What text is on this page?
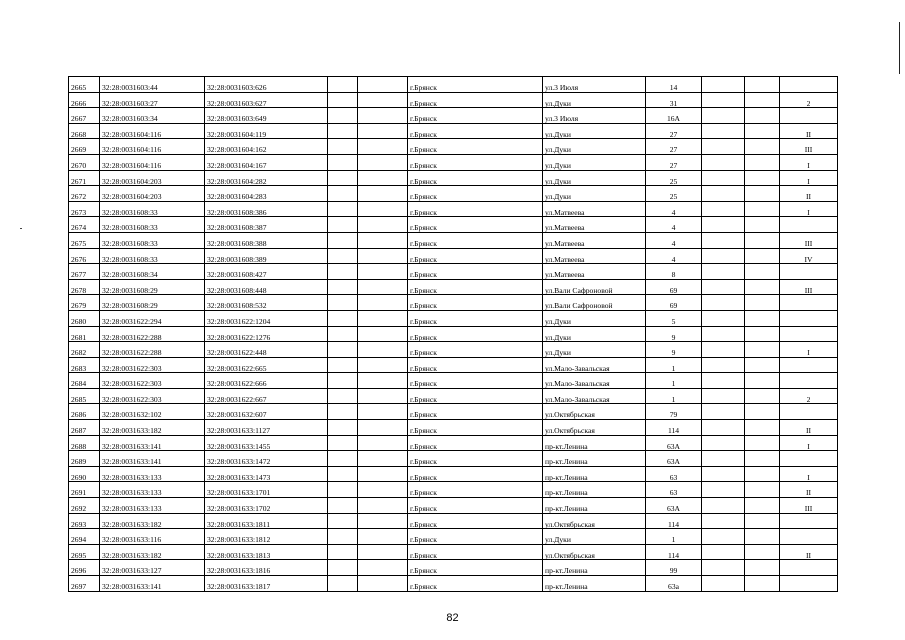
2665	32:28:0031603:44	32:28:0031603:626			г.Брянск	ул.3 Июля	14			
2666	32:28:0031603:27	32:28:0031603:627			г.Брянск	ул.Дуки	31			2
2667	32:28:0031603:34	32:28:0031603:649			г.Брянск	ул.3 Июля	16А			
2668	32:28:0031604:116	32:28:0031604:119			г.Брянск	ул.Дуки	27			II
2669	32:28:0031604:116	32:28:0031604:162			г.Брянск	ул.Дуки	27			III
2670	32:28:0031604:116	32:28:0031604:167			г.Брянск	ул.Дуки	27			I
2671	32:28:0031604:203	32:28:0031604:282			г.Брянск	ул.Дуки	25			I
2672	32:28:0031604:203	32:28:0031604:283			г.Брянск	ул.Дуки	25			II
2673	32:28:0031608:33	32:28:0031608:386			г.Брянск	ул.Матвеева	4			I
2674	32:28:0031608:33	32:28:0031608:387			г.Брянск	ул.Матвеева	4			
2675	32:28:0031608:33	32:28:0031608:388			г.Брянск	ул.Матвеева	4			III
2676	32:28:0031608:33	32:28:0031608:389			г.Брянск	ул.Матвеева	4			IV
2677	32:28:0031608:34	32:28:0031608:427			г.Брянск	ул.Матвеева	8			
2678	32:28:0031608:29	32:28:0031608:448			г.Брянск	ул.Вали Сафроновой	69			III
2679	32:28:0031608:29	32:28:0031608:532			г.Брянск	ул.Вали Сафроновой	69			
2680	32:28:0031622:294	32:28:0031622:1204			г.Брянск	ул.Дуки	5			
2681	32:28:0031622:288	32:28:0031622:1276			г.Брянск	ул.Дуки	9			
2682	32:28:0031622:288	32:28:0031622:448			г.Брянск	ул.Дуки	9			I
2683	32:28:0031622:303	32:28:0031622:665			г.Брянск	ул.Мало-Завальская	1			
2684	32:28:0031622:303	32:28:0031622:666			г.Брянск	ул.Мало-Завальская	1			
2685	32:28:0031622:303	32:28:0031622:667			г.Брянск	ул.Мало-Завальская	1			2
2686	32:28:0031632:102	32:28:0031632:607			г.Брянск	ул.Октябрьская	79			
2687	32:28:0031633:182	32:28:0031633:1127			г.Брянск	ул.Октябрьская	114			II
2688	32:28:0031633:141	32:28:0031633:1455			г.Брянск	пр-кт.Ленина	63А			I
2689	32:28:0031633:141	32:28:0031633:1472			г.Брянск	пр-кт.Ленина	63А			
2690	32:28:0031633:133	32:28:0031633:1473			г.Брянск	пр-кт.Ленина	63			I
2691	32:28:0031633:133	32:28:0031633:1701			г.Брянск	пр-кт.Ленина	63			II
2692	32:28:0031633:133	32:28:0031633:1702			г.Брянск	пр-кт.Ленина	63А			III
2693	32:28:0031633:182	32:28:0031633:1811			г.Брянск	ул.Октябрьская	114			
2694	32:28:0031633:116	32:28:0031633:1812			г.Брянск	ул.Дуки	1			
2695	32:28:0031633:182	32:28:0031633:1813			г.Брянск	ул.Октябрьская	114			II
2696	32:28:0031633:127	32:28:0031633:1816			г.Брянск	пр-кт.Ленина	99			
2697	32:28:0031633:141	32:28:0031633:1817			г.Брянск	пр-кт.Ленина	63а			
82
